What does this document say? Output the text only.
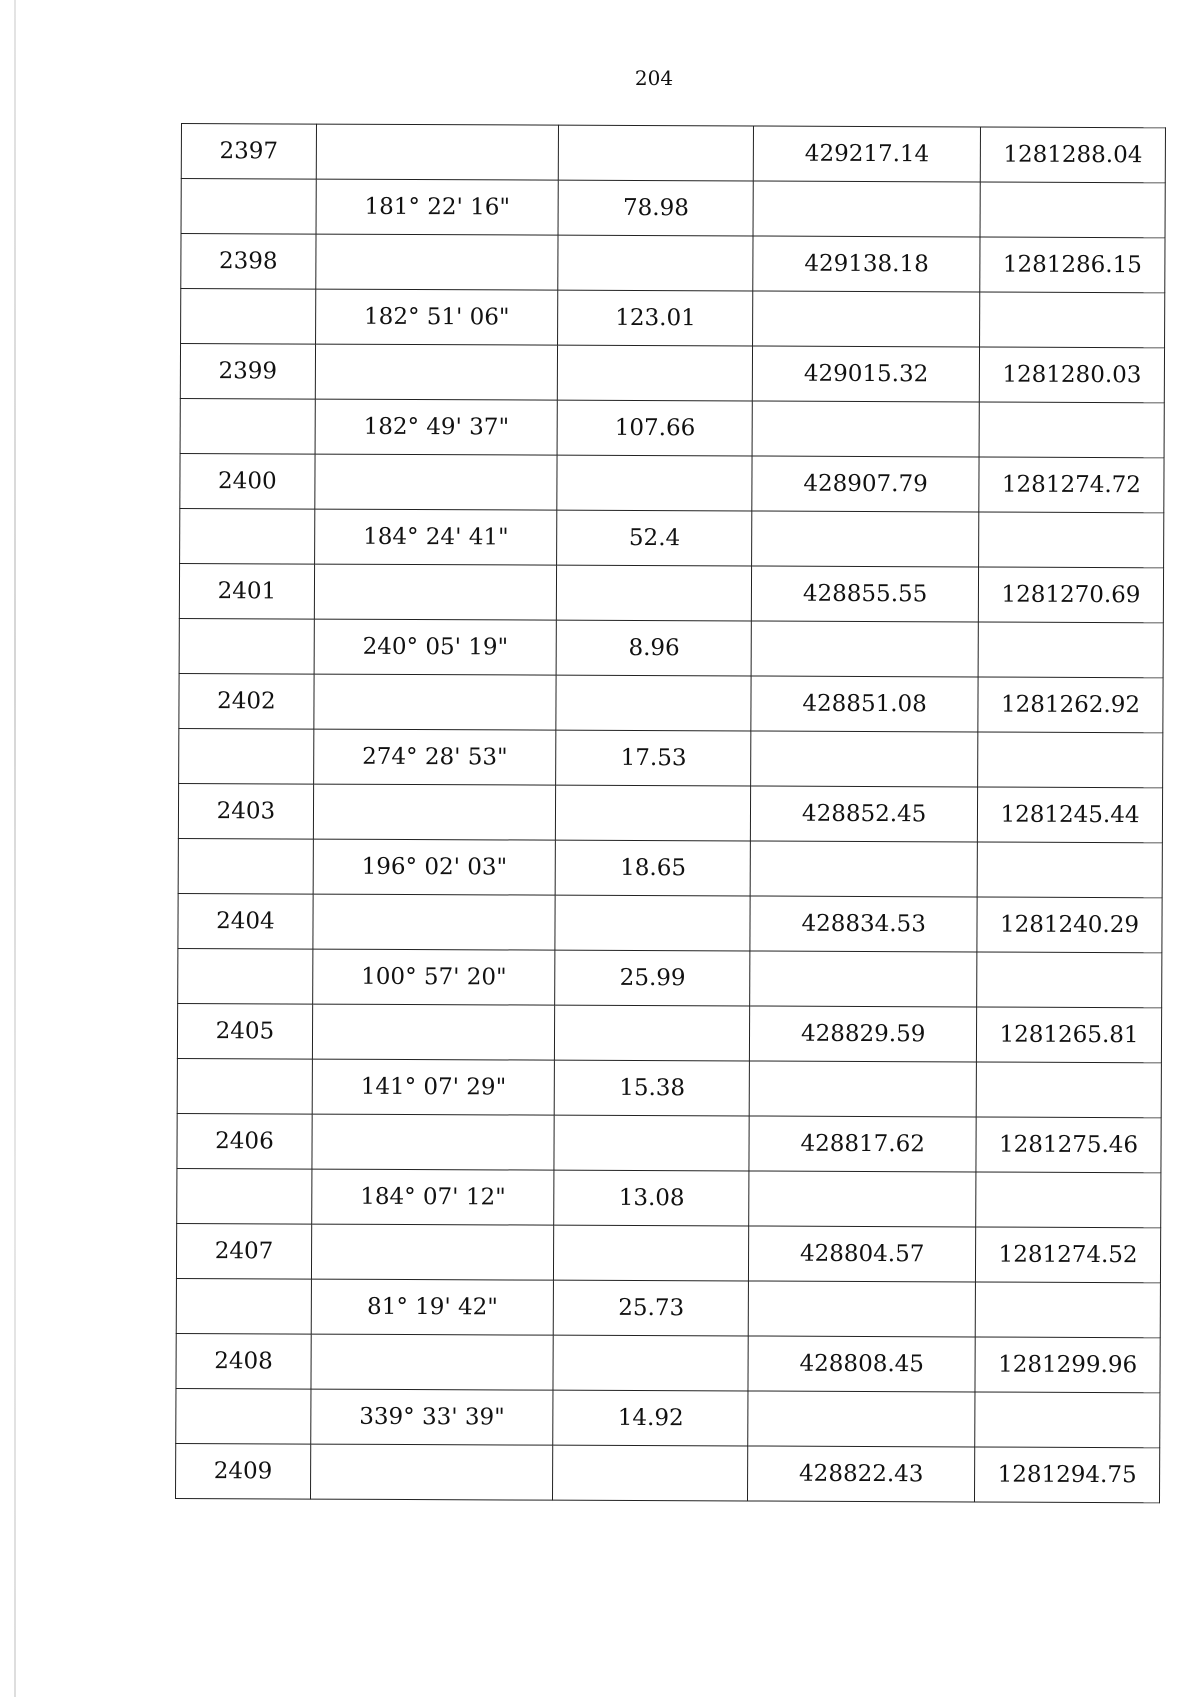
204
2397			429217.14	1281288.04
	181° 22' 16"	78.98		
2398			429138.18	1281286.15
	182° 51' 06"	123.01		
2399			429015.32	1281280.03
	182° 49' 37"	107.66		
2400			428907.79	1281274.72
	184° 24' 41"	52.4		
2401			428855.55	1281270.69
	240° 05' 19"	8.96		
2402			428851.08	1281262.92
	274° 28' 53"	17.53		
2403			428852.45	1281245.44
	196° 02' 03"	18.65		
2404			428834.53	1281240.29
	100° 57' 20"	25.99		
2405			428829.59	1281265.81
	141° 07' 29"	15.38		
2406			428817.62	1281275.46
	184° 07' 12"	13.08		
2407			428804.57	1281274.52
	81° 19' 42"	25.73		
2408			428808.45	1281299.96
	339° 33' 39"	14.92		
2409			428822.43	1281294.75
